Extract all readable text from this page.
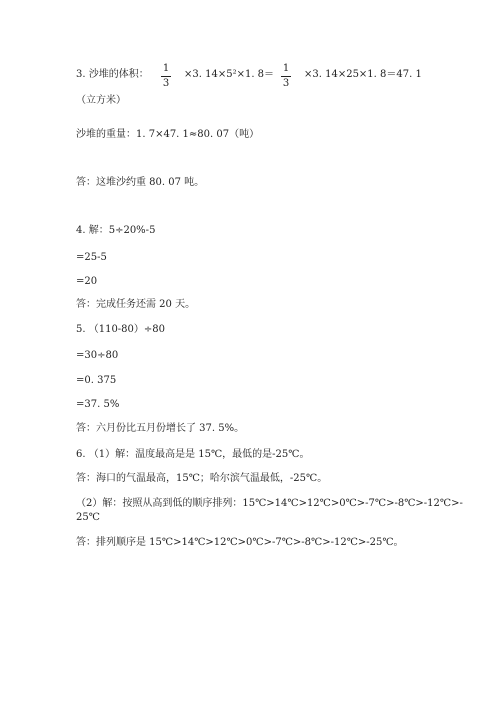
3. 沙堆的体积：
1
3
×3. 14×5²×1. 8＝
1
3
×3. 14×25×1. 8＝47. 1
（立方米）
沙堆的重量：1. 7×47. 1≈80. 07（吨）
答：这堆沙约重 80. 07 吨。
4. 解：5÷20%-5
=25-5
=20
答：完成任务还需 20 天。
5. （110-80）÷80
=30÷80
=0. 375
=37. 5%
答：六月份比五月份增长了 37. 5%。
6. （1）解：温度最高是是 15℃，最低的是-25℃。
答：海口的气温最高，15℃；哈尔滨气温最低，-25℃。
（2）解：按照从高到低的顺序排列：15℃>14℃>12℃>0℃>-7℃>-8℃>-12℃>-
25℃
答：排列顺序是 15℃>14℃>12℃>0℃>-7℃>-8℃>-12℃>-25℃。
